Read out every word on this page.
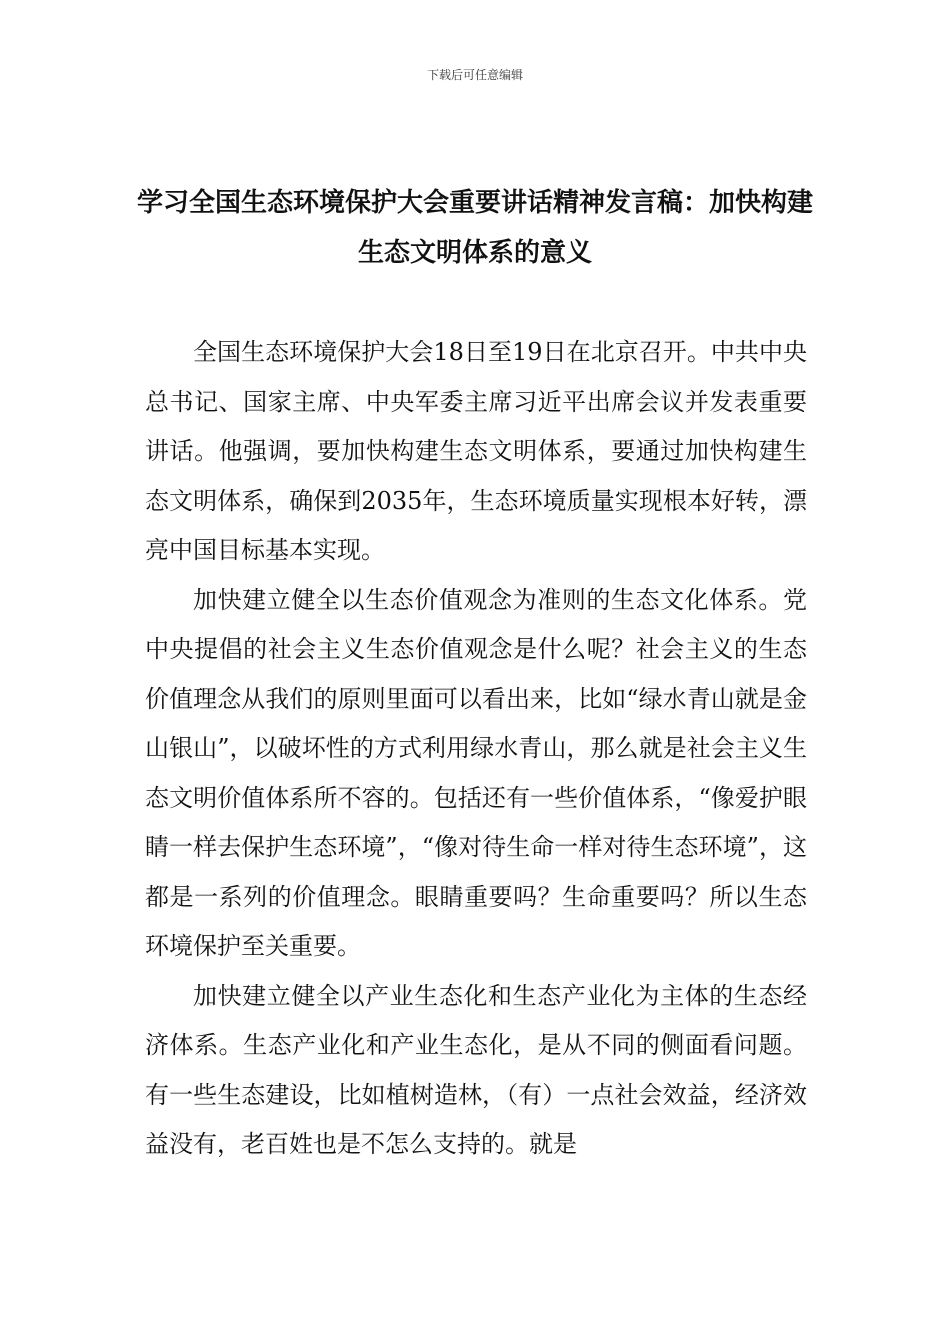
下载后可任意编辑
学习全国生态环境保护大会重要讲话精神发言稿：加快构建生态文明体系的意义

全国生态环境保护大会18日至19日在北京召开。中共中央总书记、国家主席、中央军委主席习近平出席会议并发表重要讲话。他强调，要加快构建生态文明体系，要通过加快构建生态文明体系，确保到2035年，生态环境质量实现根本好转，漂亮中国目标基本实现。

加快建立健全以生态价值观念为准则的生态文化体系。党中央提倡的社会主义生态价值观念是什么呢？社会主义的生态价值理念从我们的原则里面可以看出来，比如“绿水青山就是金山银山”，以破坏性的方式利用绿水青山，那么就是社会主义生态文明价值体系所不容的。包括还有一些价值体系，“像爱护眼睛一样去保护生态环境”，“像对待生命一样对待生态环境”，这都是一系列的价值理念。眼睛重要吗？生命重要吗？所以生态环境保护至关重要。

加快建立健全以产业生态化和生态产业化为主体的生态经济体系。生态产业化和产业生态化，是从不同的侧面看问题。有一些生态建设，比如植树造林，（有）一点社会效益，经济效益没有，老百姓也是不怎么支持的。就是
